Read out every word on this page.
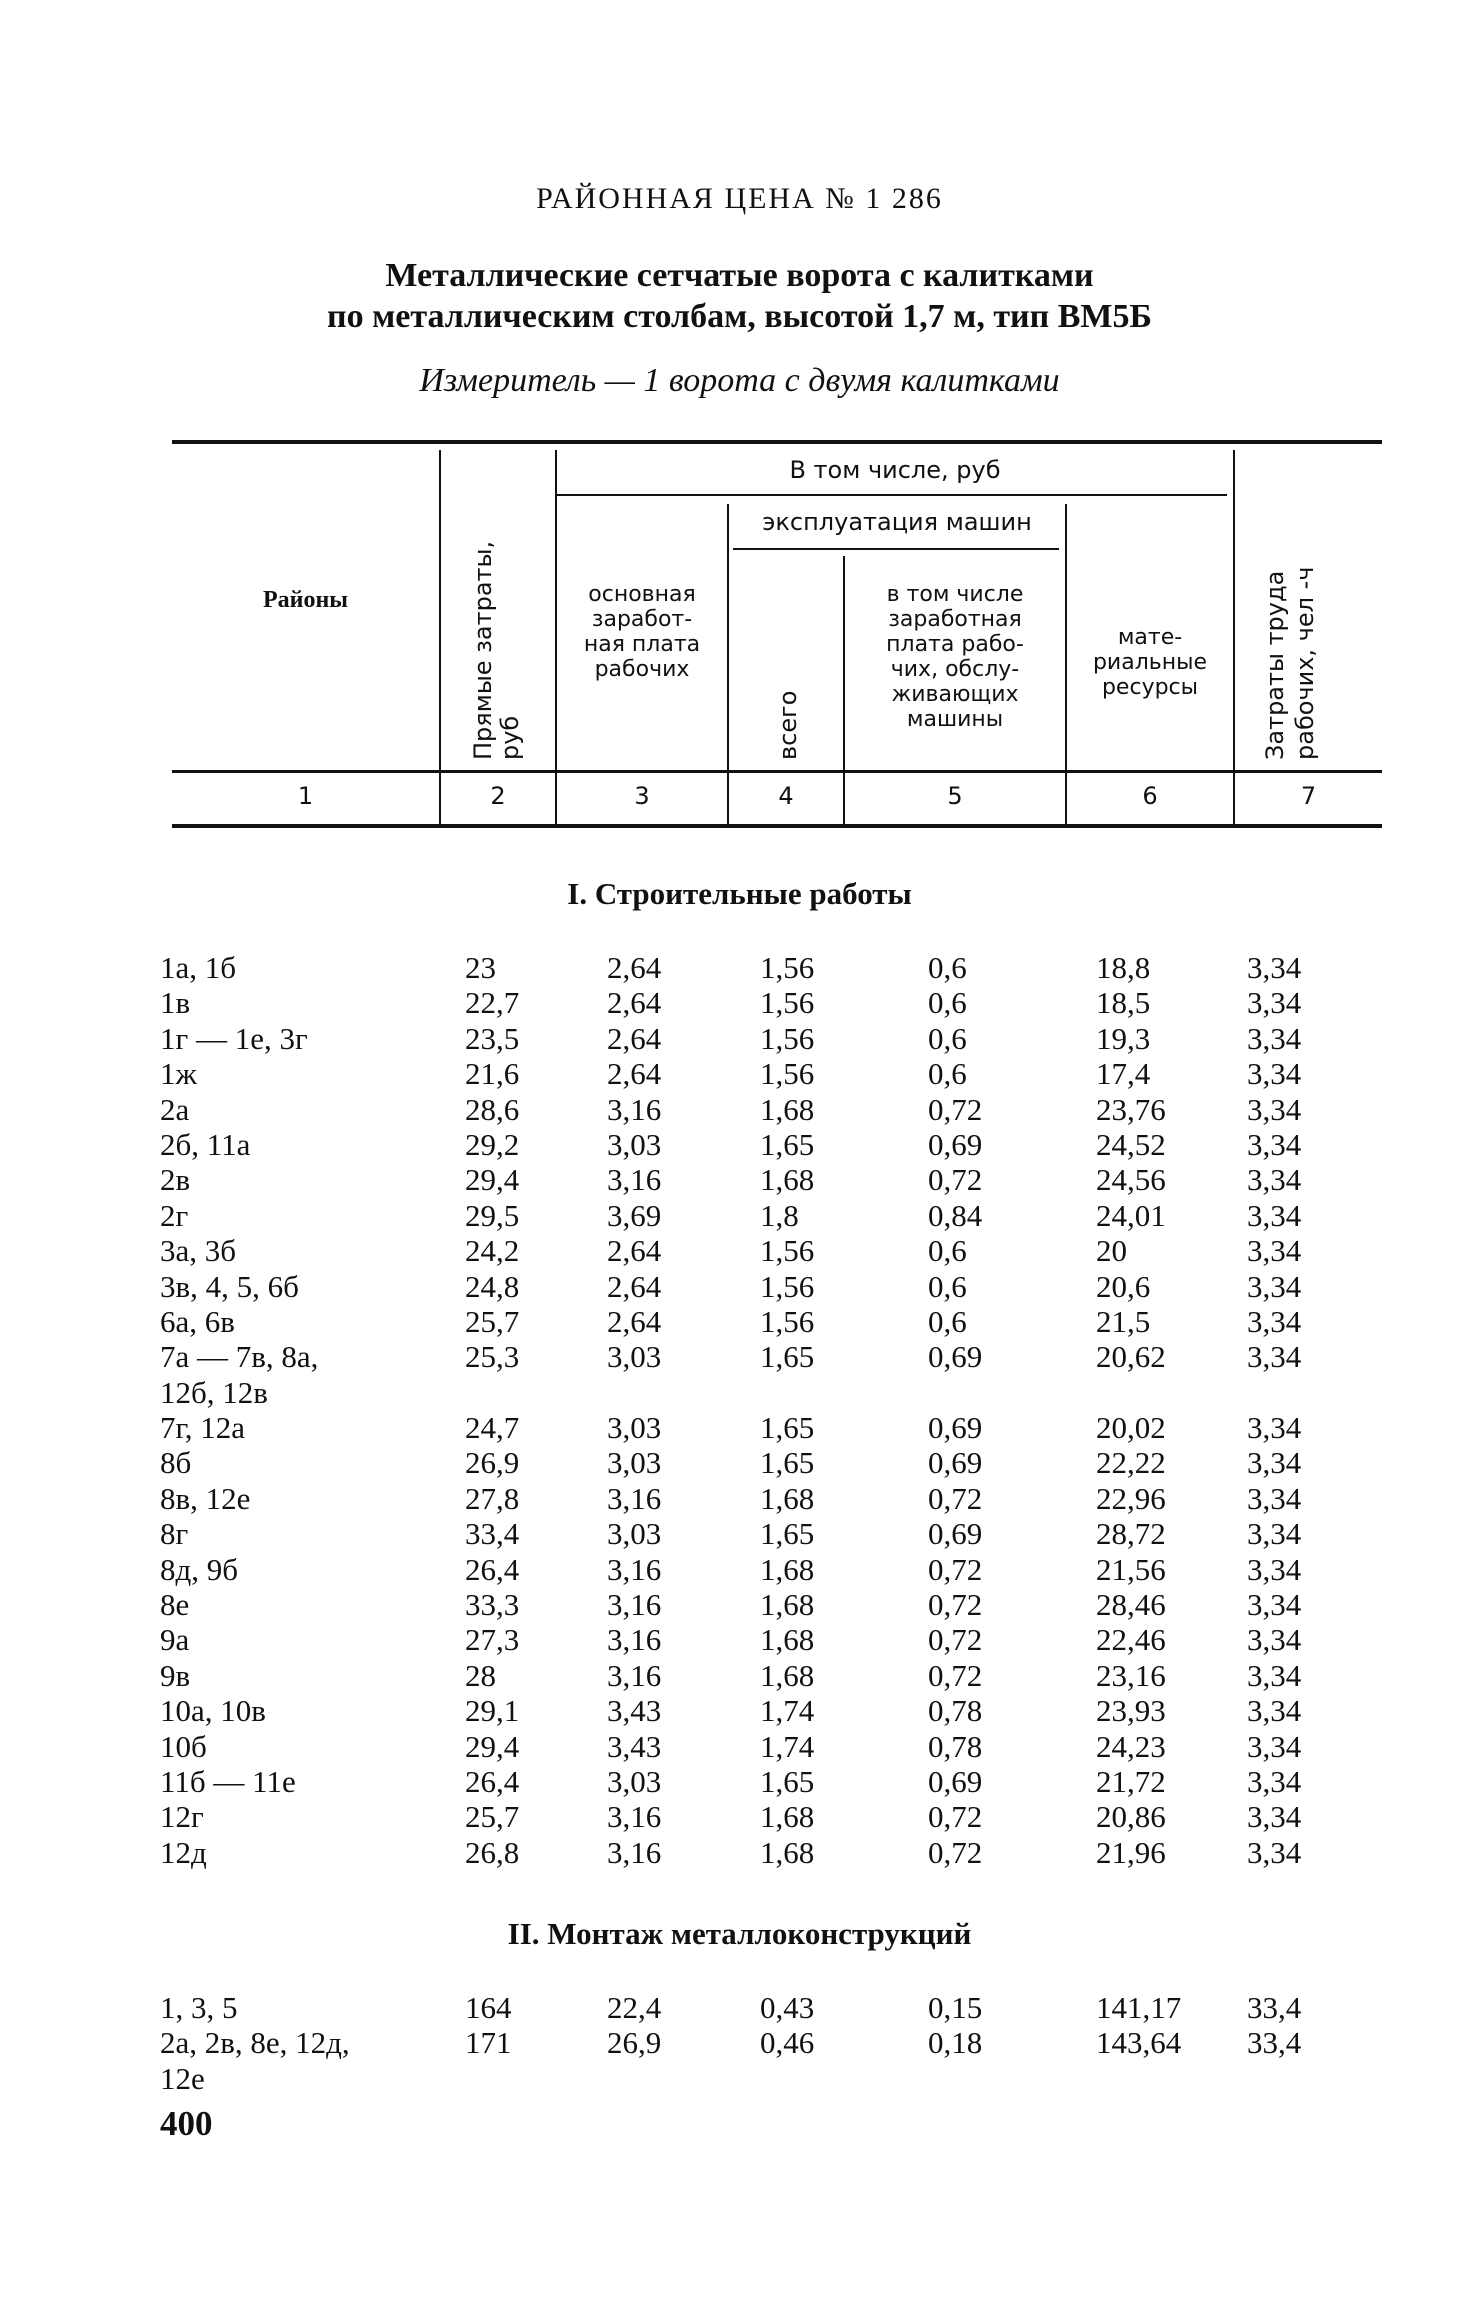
РАЙОННАЯ ЦЕНА № 1 286
Металлические сетчатые ворота с калитками
по металлическим столбам, высотой 1,7 м, тип ВМ5Б
Измеритель — 1 ворота с двумя калитками
Районы	Прямые затраты, руб
В том числе, руб
эксплуатация машин
основная
заработ-
ная плата
рабочих
всего
в том числе
заработная
плата рабо-
чих, обслу-
живающих
машины
мате-
риальные
ресурсы	Затраты труда рабочих, чел -ч
1	2	3	4	5	6	7
I. Строительные работы
1а, 1б	23	2,64	1,56	0,6	18,8	3,34
1в	22,7	2,64	1,56	0,6	18,5	3,34
1г — 1е, 3г	23,5	2,64	1,56	0,6	19,3	3,34
1ж	21,6	2,64	1,56	0,6	17,4	3,34
2а	28,6	3,16	1,68	0,72	23,76	3,34
2б, 11а	29,2	3,03	1,65	0,69	24,52	3,34
2в	29,4	3,16	1,68	0,72	24,56	3,34
2г	29,5	3,69	1,8	0,84	24,01	3,34
3а, 3б	24,2	2,64	1,56	0,6	20	3,34
3в, 4, 5, 6б	24,8	2,64	1,56	0,6	20,6	3,34
6а, 6в	25,7	2,64	1,56	0,6	21,5	3,34
7а — 7в, 8а,	25,3	3,03	1,65	0,69	20,62	3,34
12б, 12в
7г, 12а	24,7	3,03	1,65	0,69	20,02	3,34
8б	26,9	3,03	1,65	0,69	22,22	3,34
8в, 12е	27,8	3,16	1,68	0,72	22,96	3,34
8г	33,4	3,03	1,65	0,69	28,72	3,34
8д, 9б	26,4	3,16	1,68	0,72	21,56	3,34
8е	33,3	3,16	1,68	0,72	28,46	3,34
9а	27,3	3,16	1,68	0,72	22,46	3,34
9в	28	3,16	1,68	0,72	23,16	3,34
10а, 10в	29,1	3,43	1,74	0,78	23,93	3,34
10б	29,4	3,43	1,74	0,78	24,23	3,34
11б — 11е	26,4	3,03	1,65	0,69	21,72	3,34
12г	25,7	3,16	1,68	0,72	20,86	3,34
12д	26,8	3,16	1,68	0,72	21,96	3,34
II. Монтаж металлоконструкций
1, 3, 5	164	22,4	0,43	0,15	141,17 33,4
2а, 2в, 8е, 12д,	171	26,9	0,46	0,18	143,64 33,4
12е
400
